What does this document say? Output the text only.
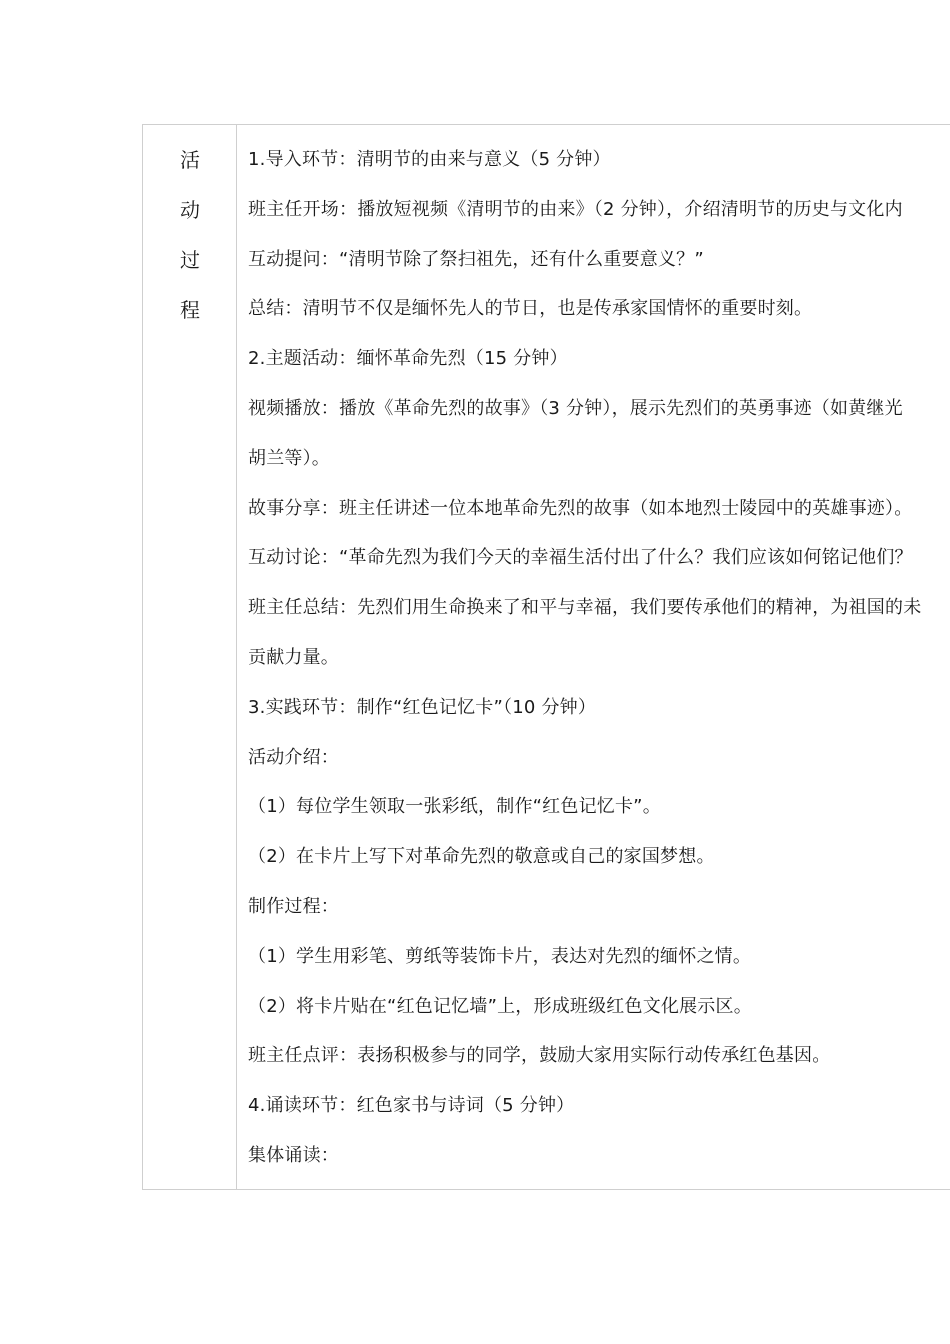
活
动
过
程
1.导入环节：清明节的由来与意义（5 分钟）
班主任开场：播放短视频《清明节的由来》（2 分钟），介绍清明节的历史与文化内
互动提问：“清明节除了祭扫祖先，还有什么重要意义？”
总结：清明节不仅是缅怀先人的节日，也是传承家国情怀的重要时刻。
2.主题活动：缅怀革命先烈（15 分钟）
视频播放：播放《革命先烈的故事》（3 分钟），展示先烈们的英勇事迹（如黄继光
胡兰等）。
故事分享：班主任讲述一位本地革命先烈的故事（如本地烈士陵园中的英雄事迹）。
互动讨论：“革命先烈为我们今天的幸福生活付出了什么？我们应该如何铭记他们？
班主任总结：先烈们用生命换来了和平与幸福，我们要传承他们的精神，为祖国的未
贡献力量。
3.实践环节：制作“红色记忆卡”（10 分钟）
活动介绍：
（1）每位学生领取一张彩纸，制作“红色记忆卡”。
（2）在卡片上写下对革命先烈的敬意或自己的家国梦想。
制作过程：
（1）学生用彩笔、剪纸等装饰卡片，表达对先烈的缅怀之情。
（2）将卡片贴在“红色记忆墙”上，形成班级红色文化展示区。
班主任点评：表扬积极参与的同学，鼓励大家用实际行动传承红色基因。
4.诵读环节：红色家书与诗词（5 分钟）
集体诵读：
